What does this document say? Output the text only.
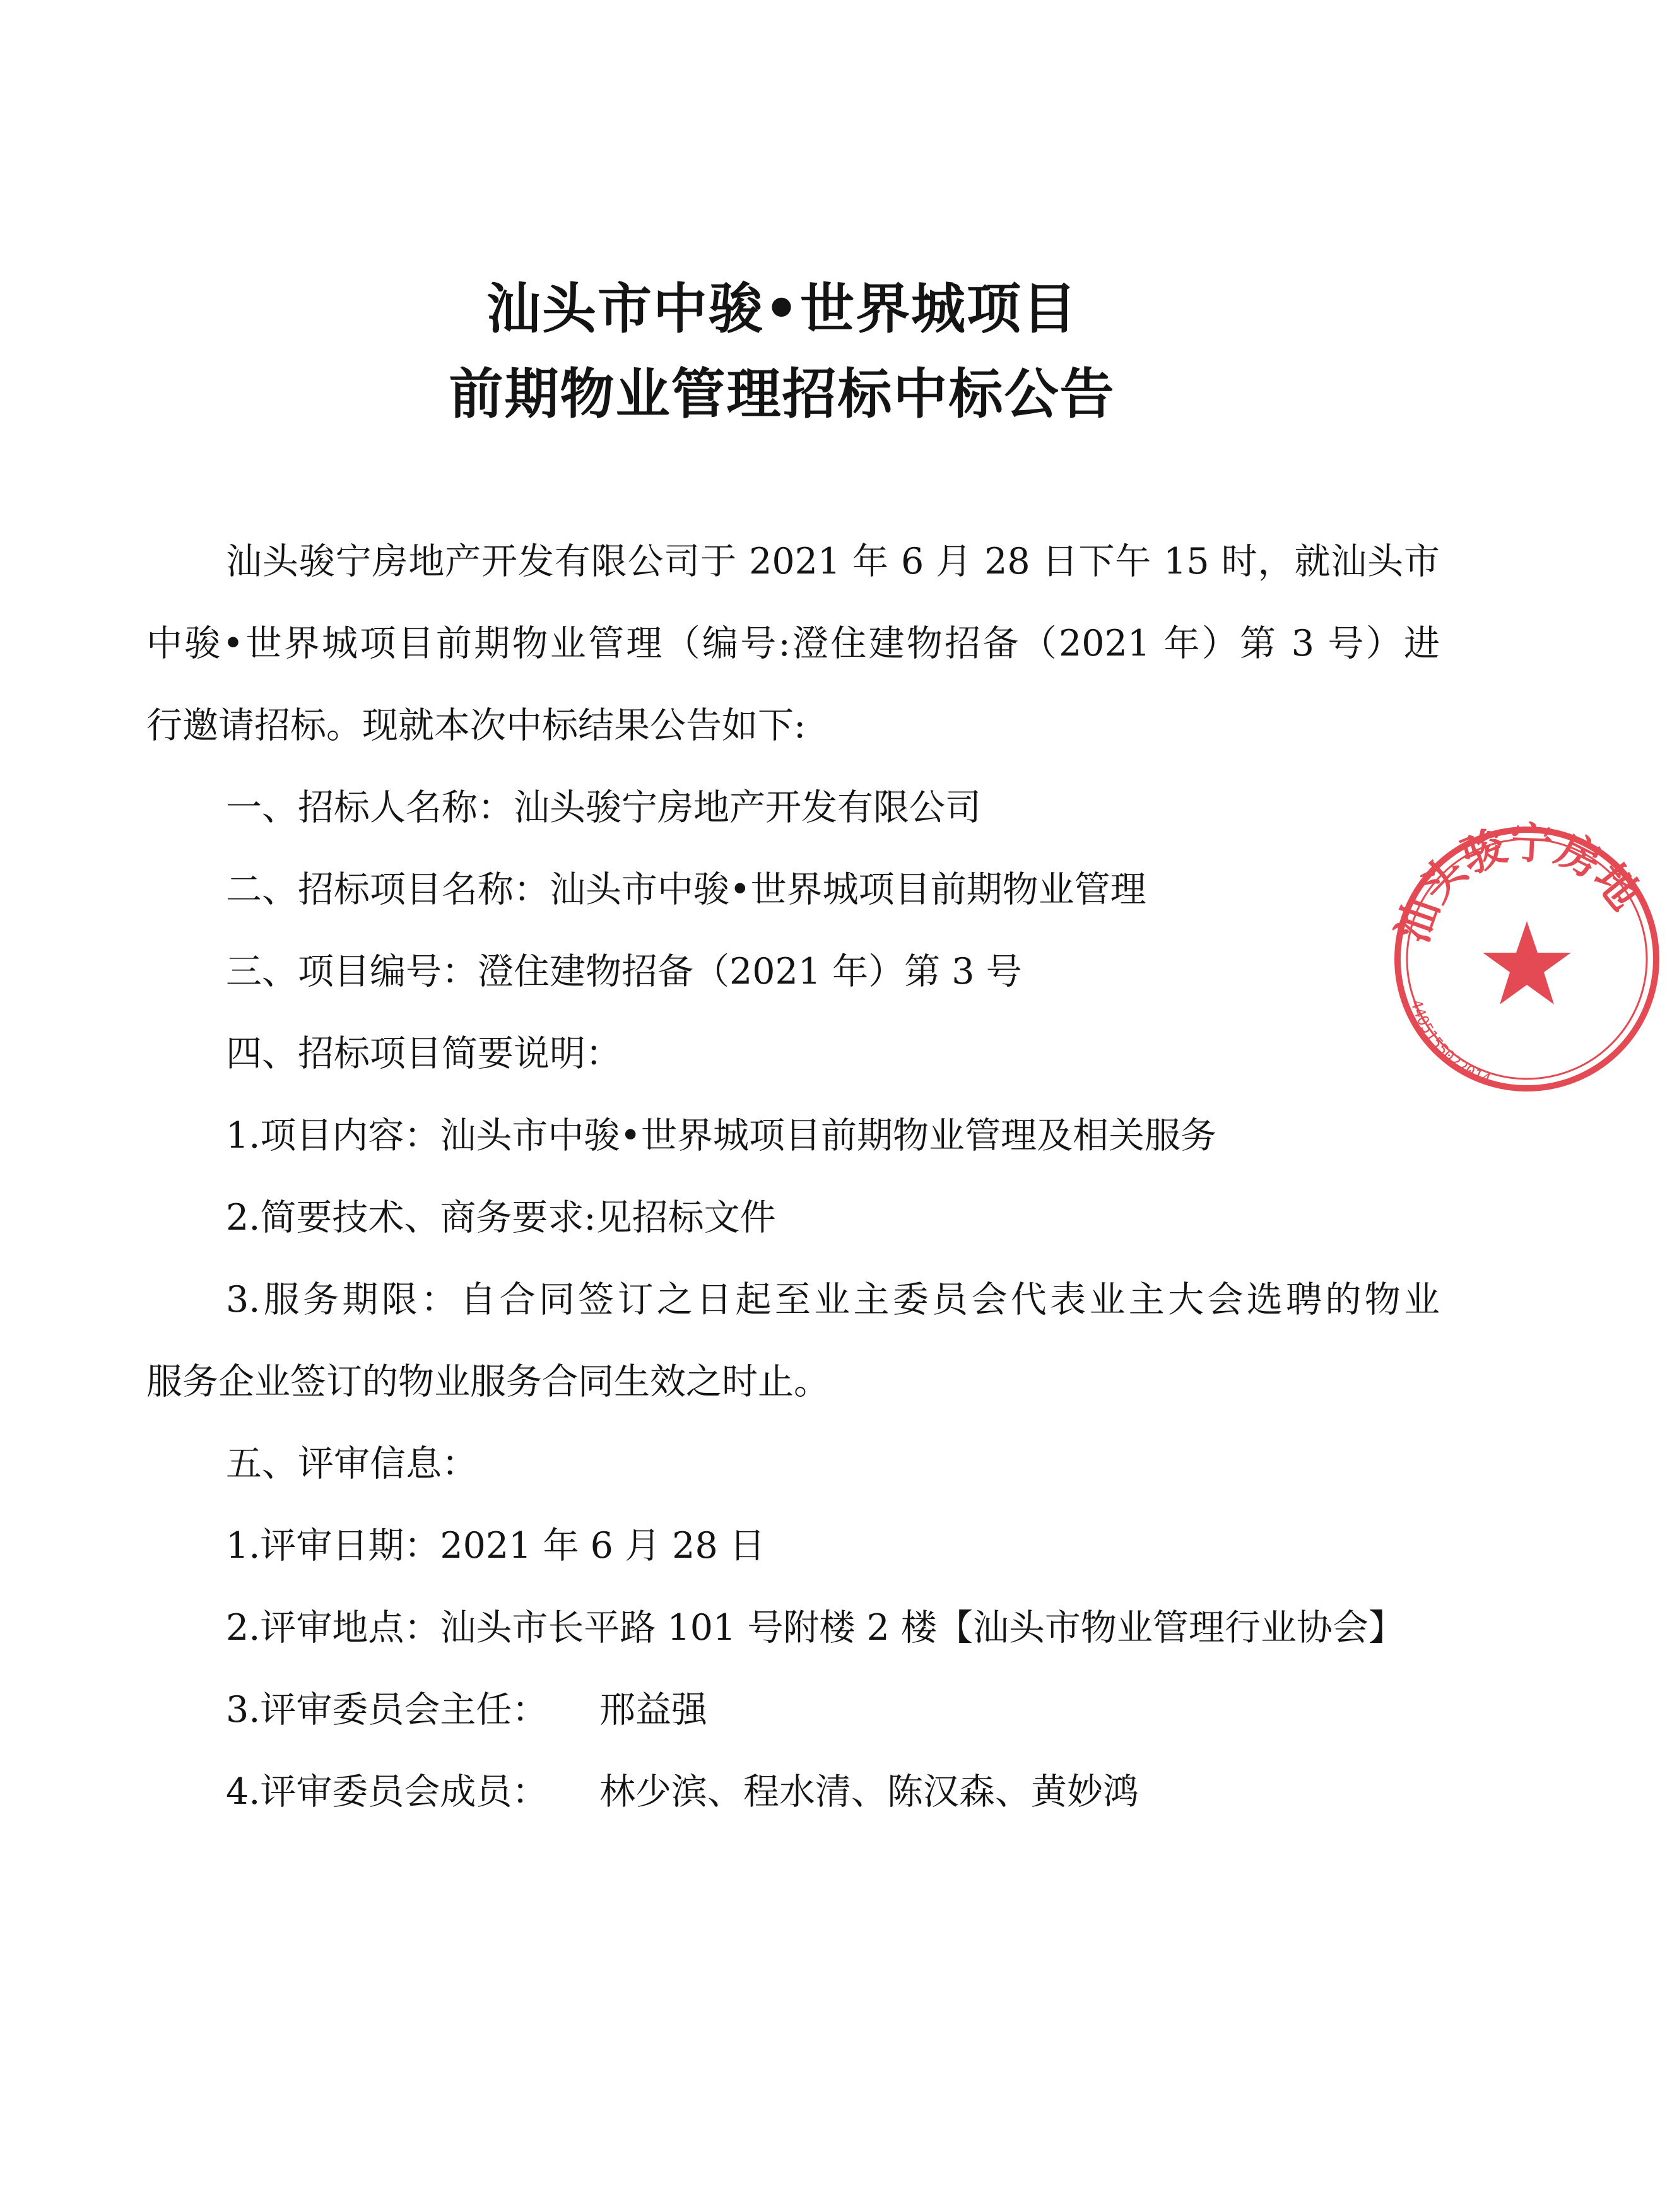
汕头市中骏•世界城项目
前期物业管理招标中标公告
汕头骏宁房地产开发有限公司于 2021 年 6 月 28 日下午 15 时，就汕头市
中骏•世界城项目前期物业管理（编号:澄住建物招备（2021 年）第 3 号）进
行邀请招标。现就本次中标结果公告如下:
一、招标人名称：汕头骏宁房地产开发有限公司
二、招标项目名称：汕头市中骏•世界城项目前期物业管理
三、项目编号：澄住建物招备（2021 年）第 3 号
四、招标项目简要说明：
1.项目内容：汕头市中骏•世界城项目前期物业管理及相关服务
2.简要技术、商务要求:见招标文件
3.服务期限：自合同签订之日起至业主委员会代表业主大会选聘的物业
服务企业签订的物业服务合同生效之时止。
五、评审信息：
1.评审日期：2021 年 6 月 28 日
2.评审地点：汕头市长平路 101 号附楼 2 楼【汕头市物业管理行业协会】
3.评审委员会主任： 邢益强
4.评审委员会成员： 林少滨、程水清、陈汉森、黄妙鸿
汕头骏宁房地
4405155022014
